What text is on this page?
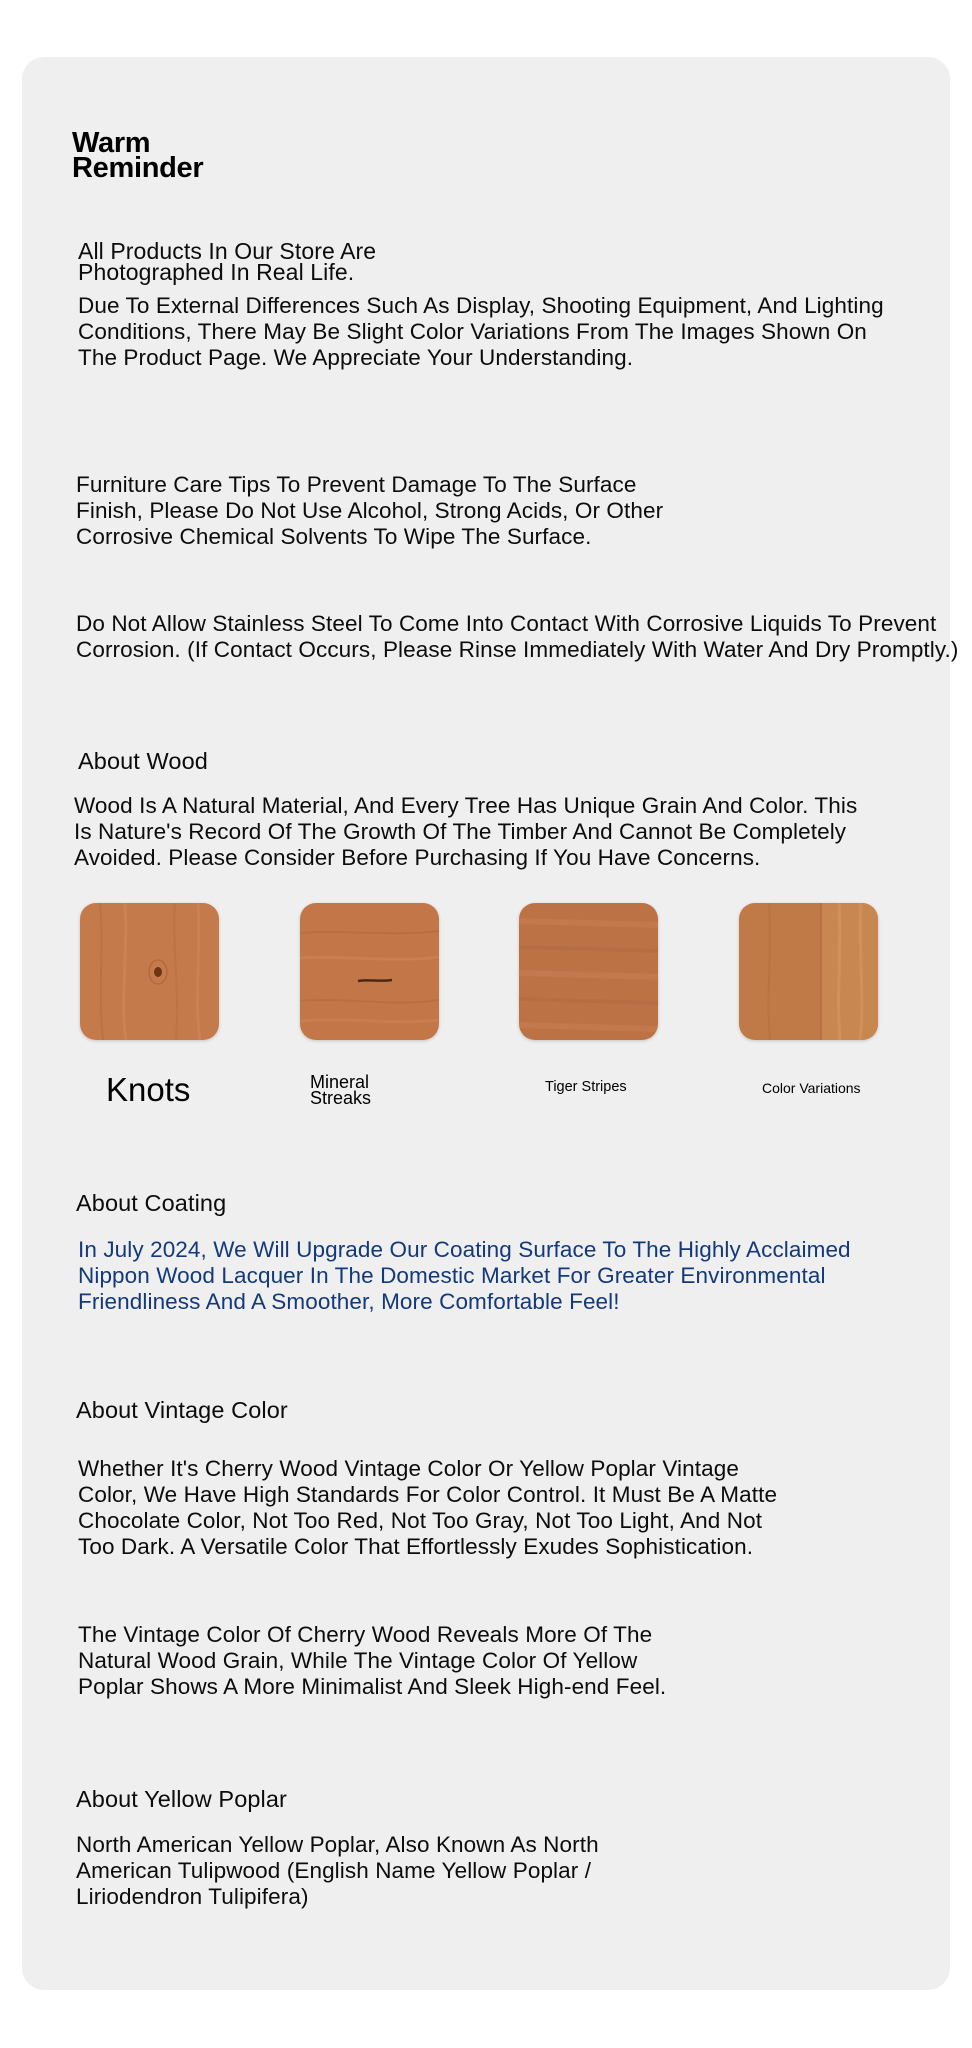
Warm
Reminder
All Products In Our Store Are
Photographed In Real Life.
Due To External Differences Such As Display, Shooting Equipment, And Lighting
Conditions, There May Be Slight Color Variations From The Images Shown On
The Product Page. We Appreciate Your Understanding.
Furniture Care Tips To Prevent Damage To The Surface
Finish, Please Do Not Use Alcohol, Strong Acids, Or Other
Corrosive Chemical Solvents To Wipe The Surface.
Do Not Allow Stainless Steel To Come Into Contact With Corrosive Liquids To Prevent
Corrosion. (If Contact Occurs, Please Rinse Immediately With Water And Dry Promptly.)
About Wood
Wood Is A Natural Material, And Every Tree Has Unique Grain And Color. This
Is Nature's Record Of The Growth Of The Timber And Cannot Be Completely
Avoided. Please Consider Before Purchasing If You Have Concerns.
Knots	Mineral
Streaks
Tiger Stripes	Color Variations
About Coating
In July 2024, We Will Upgrade Our Coating Surface To The Highly Acclaimed
Nippon Wood Lacquer In The Domestic Market For Greater Environmental
Friendliness And A Smoother, More Comfortable Feel!
About Vintage Color
Whether It's Cherry Wood Vintage Color Or Yellow Poplar Vintage
Color, We Have High Standards For Color Control. It Must Be A Matte
Chocolate Color, Not Too Red, Not Too Gray, Not Too Light, And Not
Too Dark. A Versatile Color That Effortlessly Exudes Sophistication.
The Vintage Color Of Cherry Wood Reveals More Of The
Natural Wood Grain, While The Vintage Color Of Yellow
Poplar Shows A More Minimalist And Sleek High-end Feel.
About Yellow Poplar
North American Yellow Poplar, Also Known As North
American Tulipwood (English Name Yellow Poplar /
Liriodendron Tulipifera)
